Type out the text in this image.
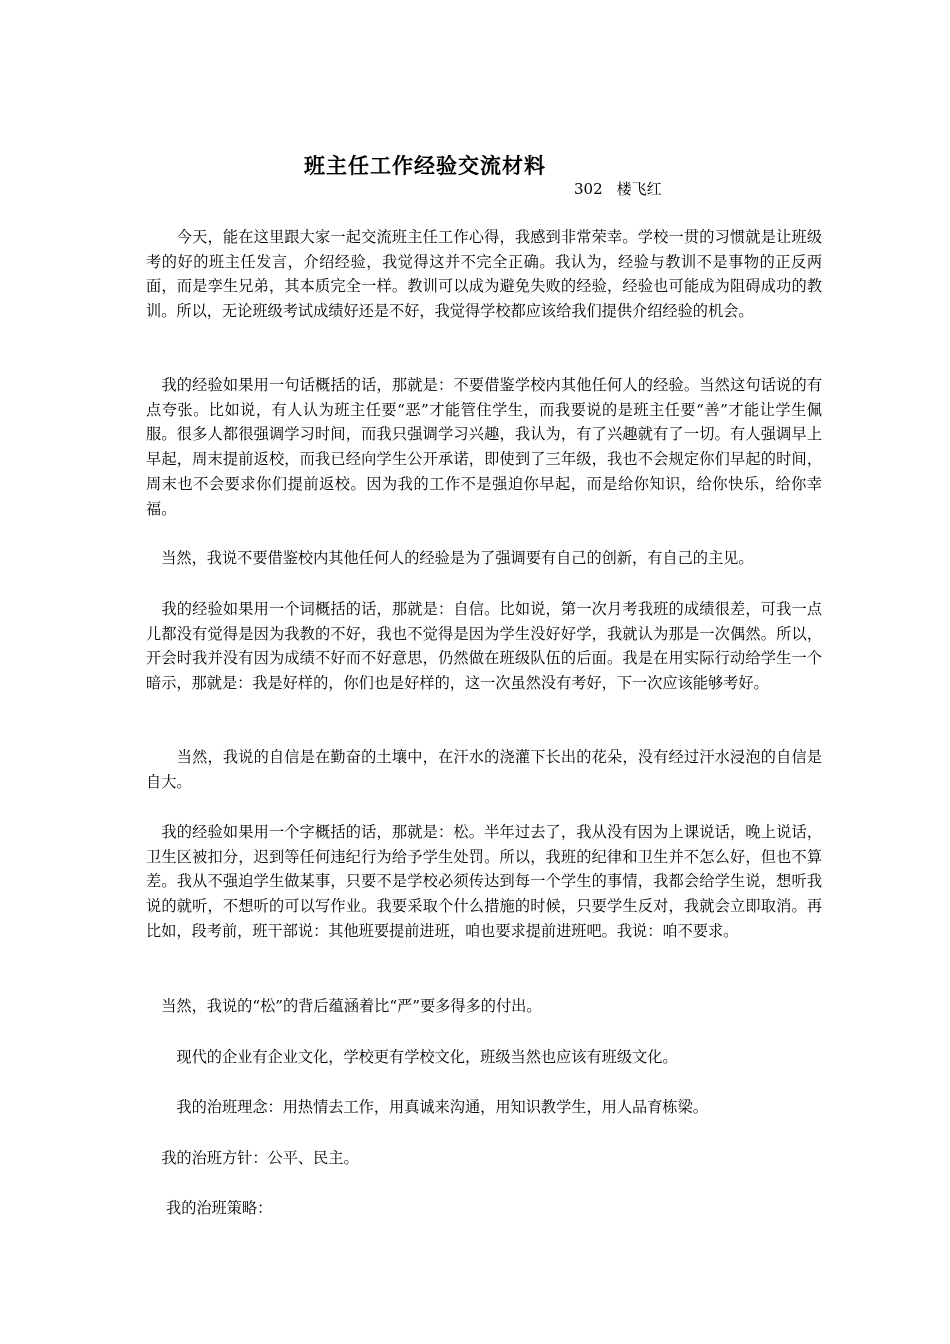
班主任工作经验交流材料
302 楼飞红

　　今天，能在这里跟大家一起交流班主任工作心得，我感到非常荣幸。学校一贯的习惯就是让班级考的好的班主任发言，介绍经验，我觉得这并不完全正确。我认为，经验与教训不是事物的正反两面，而是孪生兄弟，其本质完全一样。教训可以成为避免失败的经验，经验也可能成为阻碍成功的教训。所以，无论班级考试成绩好还是不好，我觉得学校都应该给我们提供介绍经验的机会。

　我的经验如果用一句话概括的话，那就是：不要借鉴学校内其他任何人的经验。当然这句话说的有点夸张。比如说，有人认为班主任要“恶”才能管住学生，而我要说的是班主任要“善”才能让学生佩服。很多人都很强调学习时间，而我只强调学习兴趣，我认为，有了兴趣就有了一切。有人强调早上早起，周末提前返校，而我已经向学生公开承诺，即使到了三年级，我也不会规定你们早起的时间，周末也不会要求你们提前返校。因为我的工作不是强迫你早起，而是给你知识，给你快乐，给你幸福。

　当然，我说不要借鉴校内其他任何人的经验是为了强调要有自己的创新，有自己的主见。

　我的经验如果用一个词概括的话，那就是：自信。比如说，第一次月考我班的成绩很差，可我一点儿都没有觉得是因为我教的不好，我也不觉得是因为学生没好好学，我就认为那是一次偶然。所以，开会时我并没有因为成绩不好而不好意思，仍然做在班级队伍的后面。我是在用实际行动给学生一个暗示，那就是：我是好样的，你们也是好样的，这一次虽然没有考好，下一次应该能够考好。

　　当然，我说的自信是在勤奋的土壤中，在汗水的浇灌下长出的花朵，没有经过汗水浸泡的自信是自大。

　我的经验如果用一个字概括的话，那就是：松。半年过去了，我从没有因为上课说话，晚上说话，卫生区被扣分，迟到等任何违纪行为给予学生处罚。所以，我班的纪律和卫生并不怎么好，但也不算差。我从不强迫学生做某事，只要不是学校必须传达到每一个学生的事情，我都会给学生说，想听我说的就听，不想听的可以写作业。我要采取个什么措施的时候，只要学生反对，我就会立即取消。再比如，段考前，班干部说：其他班要提前进班，咱也要求提前进班吧。我说：咱不要求。

　当然，我说的“松”的背后蕴涵着比“严”要多得多的付出。

　　现代的企业有企业文化，学校更有学校文化，班级当然也应该有班级文化。

　　我的治班理念：用热情去工作，用真诚来沟通，用知识教学生，用人品育栋梁。

　我的治班方针：公平、民主。

　 我的治班策略：
